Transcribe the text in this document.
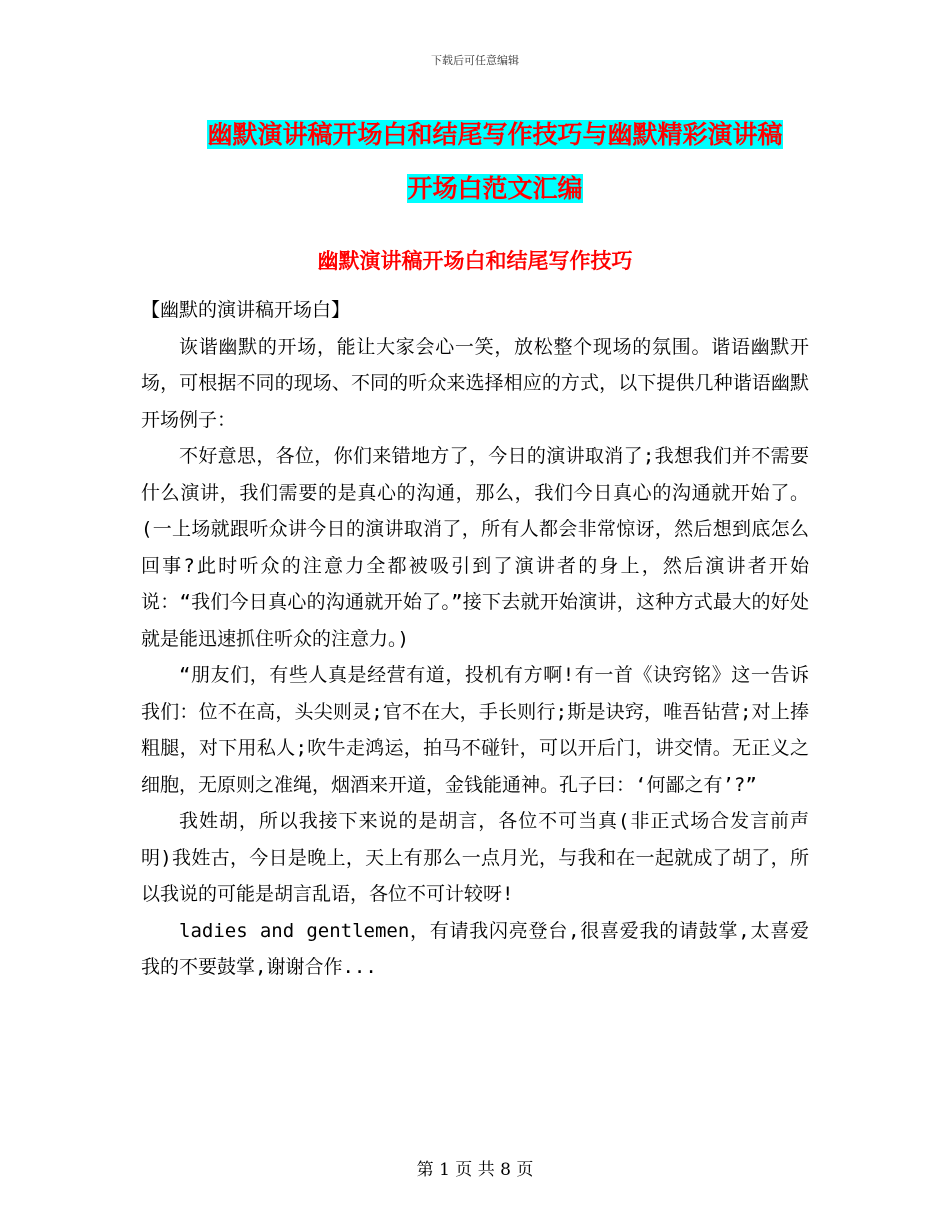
下载后可任意编辑
幽默演讲稿开场白和结尾写作技巧与幽默精彩演讲稿
开场白范文汇编
幽默演讲稿开场白和结尾写作技巧

【幽默的演讲稿开场白】

诙谐幽默的开场，能让大家会心一笑，放松整个现场的氛围。谐语幽默开场，可根据不同的现场、不同的听众来选择相应的方式，以下提供几种谐语幽默开场例子：

不好意思，各位，你们来错地方了，今日的演讲取消了;我想我们并不需要什么演讲，我们需要的是真心的沟通，那么，我们今日真心的沟通就开始了。(一上场就跟听众讲今日的演讲取消了，所有人都会非常惊讶，然后想到底怎么回事?此时听众的注意力全都被吸引到了演讲者的身上，然后演讲者开始说：“我们今日真心的沟通就开始了。”接下去就开始演讲，这种方式最大的好处就是能迅速抓住听众的注意力。)

“朋友们，有些人真是经营有道，投机有方啊!有一首《诀窍铭》这一告诉我们：位不在高，头尖则灵;官不在大，手长则行;斯是诀窍，唯吾钻营;对上捧粗腿，对下用私人;吹牛走鸿运，拍马不碰针，可以开后门，讲交情。无正义之细胞，无原则之准绳，烟酒来开道，金钱能通神。孔子曰：‘何鄙之有’?”

我姓胡，所以我接下来说的是胡言，各位不可当真(非正式场合发言前声明)我姓古，今日是晚上，天上有那么一点月光，与我和在一起就成了胡了，所以我说的可能是胡言乱语，各位不可计较呀!

ladies and gentlemen，有请我闪亮登台,很喜爱我的请鼓掌,太喜爱我的不要鼓掌,谢谢合作...

第 1 页 共 8 页
